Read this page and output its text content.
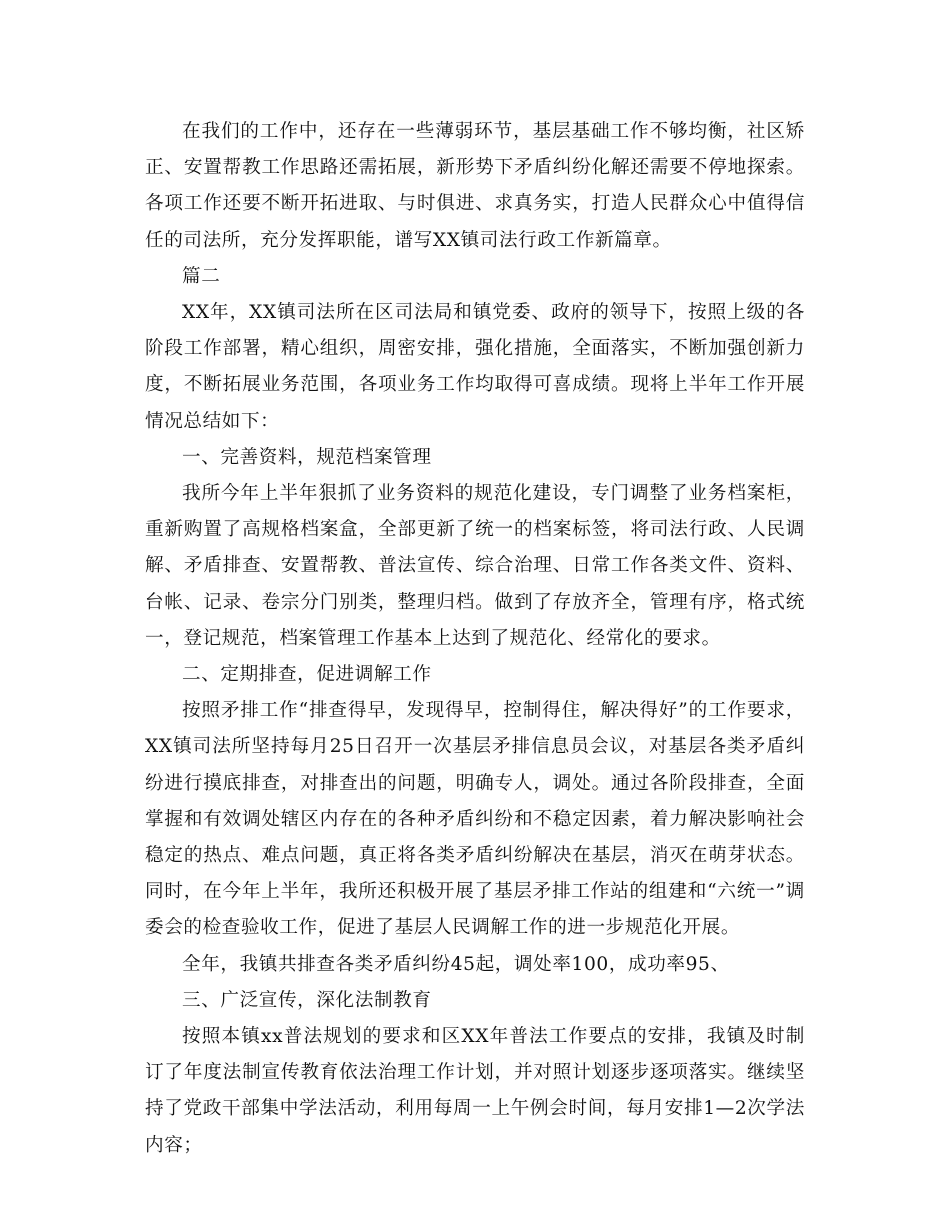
在我们的工作中，还存在一些薄弱环节，基层基础工作不够均衡，社区矫正、安置帮教工作思路还需拓展，新形势下矛盾纠纷化解还需要不停地探索。各项工作还要不断开拓进取、与时俱进、求真务实，打造人民群众心中值得信任的司法所，充分发挥职能，谱写XX镇司法行政工作新篇章。

篇二

XX年，XX镇司法所在区司法局和镇党委、政府的领导下，按照上级的各阶段工作部署，精心组织，周密安排，强化措施，全面落实，不断加强创新力度，不断拓展业务范围，各项业务工作均取得可喜成绩。现将上半年工作开展情况总结如下：

一、完善资料，规范档案管理

我所今年上半年狠抓了业务资料的规范化建设，专门调整了业务档案柜，重新购置了高规格档案盒，全部更新了统一的档案标签，将司法行政、人民调解、矛盾排查、安置帮教、普法宣传、综合治理、日常工作各类文件、资料、台帐、记录、卷宗分门别类，整理归档。做到了存放齐全，管理有序，格式统一，登记规范，档案管理工作基本上达到了规范化、经常化的要求。

二、定期排查，促进调解工作

按照矛排工作“排查得早，发现得早，控制得住，解决得好”的工作要求，XX镇司法所坚持每月25日召开一次基层矛排信息员会议，对基层各类矛盾纠纷进行摸底排查，对排查出的问题，明确专人，调处。通过各阶段排查，全面掌握和有效调处辖区内存在的各种矛盾纠纷和不稳定因素，着力解决影响社会稳定的热点、难点问题，真正将各类矛盾纠纷解决在基层，消灭在萌芽状态。同时，在今年上半年，我所还积极开展了基层矛排工作站的组建和“六统一”调委会的检查验收工作，促进了基层人民调解工作的进一步规范化开展。

全年，我镇共排查各类矛盾纠纷45起，调处率100，成功率95、

三、广泛宣传，深化法制教育

按照本镇xx普法规划的要求和区XX年普法工作要点的安排，我镇及时制订了年度法制宣传教育依法治理工作计划，并对照计划逐步逐项落实。继续坚持了党政干部集中学法活动，利用每周一上午例会时间，每月安排1—2次学法内容；
